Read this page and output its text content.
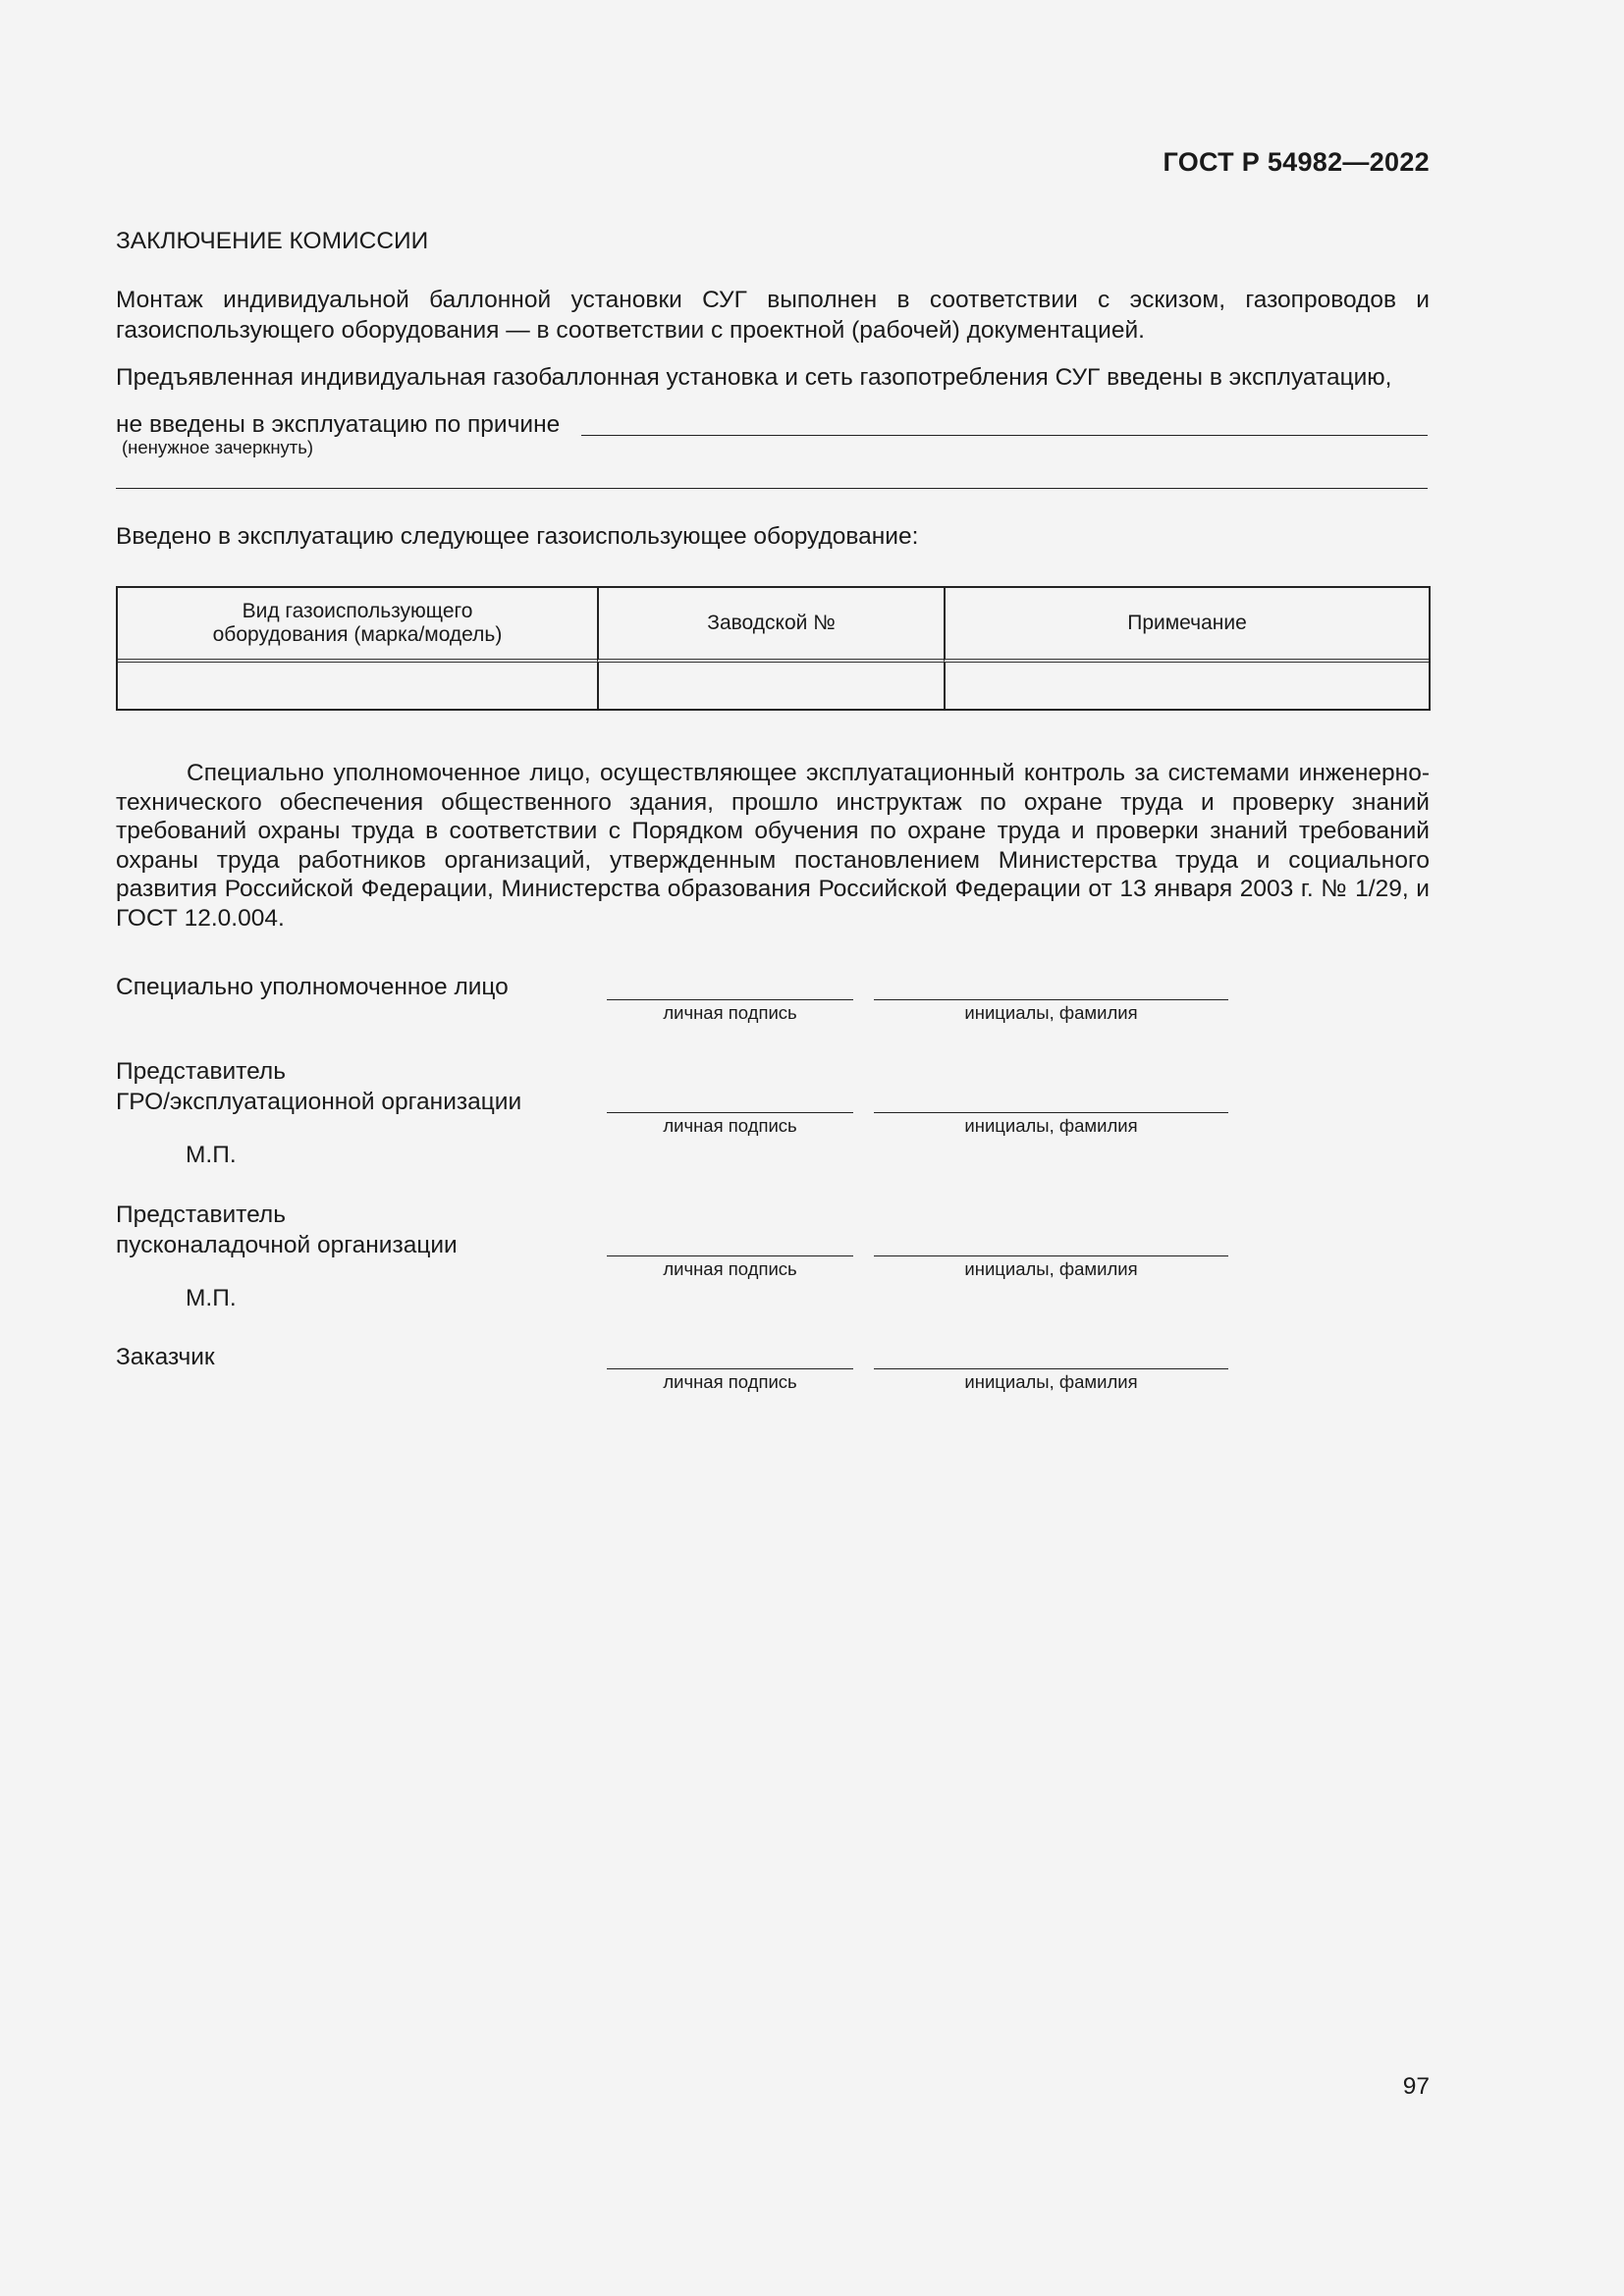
ГОСТ Р 54982—2022
ЗАКЛЮЧЕНИЕ КОМИССИИ
Монтаж индивидуальной баллонной установки СУГ выполнен в соответствии с эскизом, газопроводов и газоиспользующего оборудования — в соответствии с проектной (рабочей) документацией.
Предъявленная индивидуальная газобаллонная установка и сеть газопотребления СУГ введены в эксплуатацию,
не введены в эксплуатацию по причине
(ненужное зачеркнуть)
Введено в эксплуатацию следующее газоиспользующее оборудование:
Вид газоиспользующего
оборудования (марка/модель)	Заводской №	Примечание

Специально уполномоченное лицо, осуществляющее эксплуатационный контроль за системами инженерно-технического обеспечения общественного здания, прошло инструктаж по охране труда и проверку знаний требований охраны труда в соответствии с Порядком обучения по охране труда и проверки знаний требований охраны труда работников организаций, утвержденным постановлением Министерства труда и социального развития Российской Федерации, Министерства образования Российской Федерации от 13 января 2003 г. № 1/29, и ГОСТ 12.0.004.
Специально уполномоченное лицо
личная подпись	инициалы, фамилия
Представитель
ГРО/эксплуатационной организации
личная подпись	инициалы, фамилия
М.П.
Представитель
пусконаладочной организации
личная подпись	инициалы, фамилия
М.П.
Заказчик
личная подпись	инициалы, фамилия
97
